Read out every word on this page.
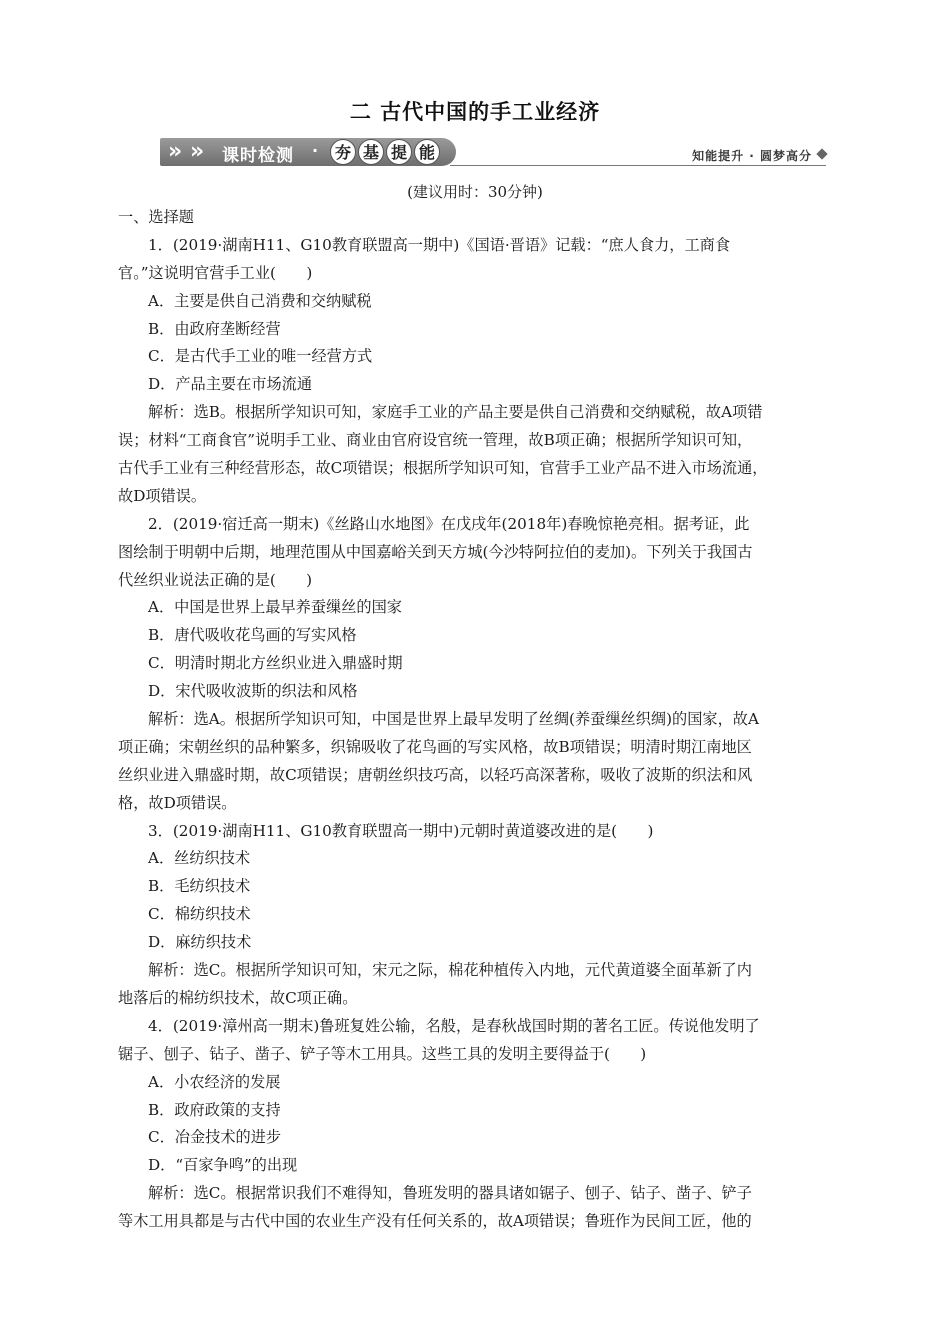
二 古代中国的手工业经济
» » 课时检测 ·	夯 基 提 能	知能提升 · 圆梦高分
(建议用时：30分钟)
一、选择题
1．(2019·湖南H11、G10教育联盟高一期中)《国语·晋语》记载：“庶人食力，工商食
官。”这说明官营手工业(　　)
A．主要是供自己消费和交纳赋税
B．由政府垄断经营
C．是古代手工业的唯一经营方式
D．产品主要在市场流通
解析：选B。根据所学知识可知，家庭手工业的产品主要是供自己消费和交纳赋税，故A项错
误；材料“工商食官”说明手工业、商业由官府设官统一管理，故B项正确；根据所学知识可知，
古代手工业有三种经营形态，故C项错误；根据所学知识可知，官营手工业产品不进入市场流通，
故D项错误。
2．(2019·宿迁高一期末)《丝路山水地图》在戊戌年(2018年)春晚惊艳亮相。据考证，此
图绘制于明朝中后期，地理范围从中国嘉峪关到天方城(今沙特阿拉伯的麦加)。下列关于我国古
代丝织业说法正确的是(　　)
A．中国是世界上最早养蚕缫丝的国家
B．唐代吸收花鸟画的写实风格
C．明清时期北方丝织业进入鼎盛时期
D．宋代吸收波斯的织法和风格
解析：选A。根据所学知识可知，中国是世界上最早发明了丝绸(养蚕缫丝织绸)的国家，故A
项正确；宋朝丝织的品种繁多，织锦吸收了花鸟画的写实风格，故B项错误；明清时期江南地区
丝织业进入鼎盛时期，故C项错误；唐朝丝织技巧高，以轻巧高深著称，吸收了波斯的织法和风
格，故D项错误。
3．(2019·湖南H11、G10教育联盟高一期中)元朝时黄道婆改进的是(　　)
A．丝纺织技术
B．毛纺织技术
C．棉纺织技术
D．麻纺织技术
解析：选C。根据所学知识可知，宋元之际，棉花种植传入内地，元代黄道婆全面革新了内
地落后的棉纺织技术，故C项正确。
4．(2019·漳州高一期末)鲁班复姓公输，名般，是春秋战国时期的著名工匠。传说他发明了
锯子、刨子、钻子、凿子、铲子等木工用具。这些工具的发明主要得益于(　　)
A．小农经济的发展
B．政府政策的支持
C．冶金技术的进步
D．“百家争鸣”的出现
解析：选C。根据常识我们不难得知，鲁班发明的器具诸如锯子、刨子、钻子、凿子、铲子
等木工用具都是与古代中国的农业生产没有任何关系的，故A项错误；鲁班作为民间工匠，他的
